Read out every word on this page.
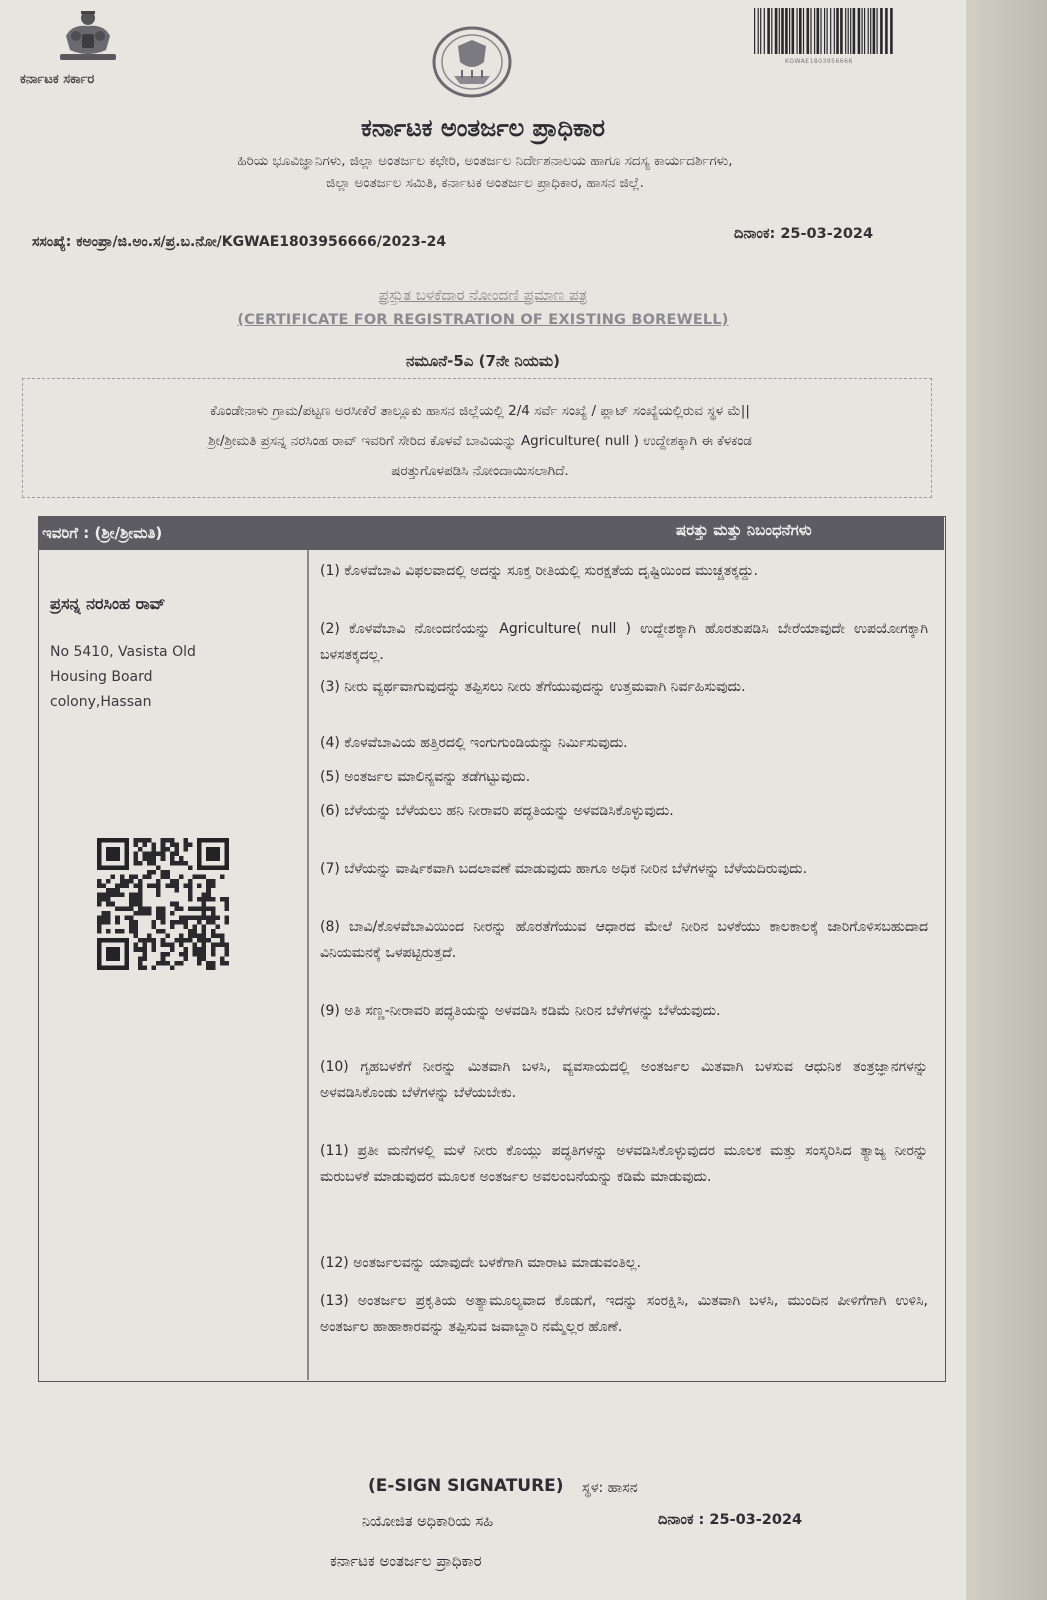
ಕರ್ನಾಟಕ ಸರ್ಕಾರ
KGWAE1803956666
ಕರ್ನಾಟಕ ಅಂತರ್ಜಲ ಪ್ರಾಧಿಕಾರ
ಹಿರಿಯ ಭೂವಿಜ್ಞಾನಿಗಳು, ಜಿಲ್ಲಾ ಅಂತರ್ಜಲ ಕಛೇರಿ, ಅಂತರ್ಜಲ ನಿರ್ದೇಶನಾಲಯ ಹಾಗೂ ಸದಸ್ಯ ಕಾರ್ಯದರ್ಶಿಗಳು,
ಜಿಲ್ಲಾ ಅಂತರ್ಜಲ ಸಮಿತಿ, ಕರ್ನಾಟಕ ಅಂತರ್ಜಲ ಪ್ರಾಧಿಕಾರ, ಹಾಸನ ಜಿಲ್ಲೆ.
ಸಸಂಖ್ಯೆ: ಕಅಂಪ್ರಾ/ಜಿ.ಅಂ.ಸ/ಪ್ರ.ಬ.ನೋ/KGWAE1803956666/2023-24	ದಿನಾಂಕ: 25-03-2024
ಪ್ರಸ್ತುತ ಬಳಕೆದಾರ ನೋಂದಣಿ ಪ್ರಮಾಣ ಪತ್ರ
(CERTIFICATE FOR REGISTRATION OF EXISTING BOREWELL)
ನಮೂನೆ-5ಎ (7ನೇ ನಿಯಮ)
ಕೊಂಡೇನಾಳು ಗ್ರಾಮ/ಪಟ್ಟಣ ಅರಸೀಕೆರೆ ತಾಲ್ಲೂಕು ಹಾಸನ ಜಿಲ್ಲೆಯಲ್ಲಿ 2/4 ಸರ್ವೆ ಸಂಖ್ಯೆ / ಪ್ಲಾಟ್ ಸಂಖ್ಯೆಯಲ್ಲಿರುವ ಸ್ಥಳ ಮೆ||
ಶ್ರೀ/ಶ್ರೀಮತಿ ಪ್ರಸನ್ನ ನರಸಿಂಹ ರಾವ್ ಇವರಿಗೆ ಸೇರಿದ ಕೊಳವೆ ಬಾವಿಯನ್ನು Agriculture( null ) ಉದ್ದೇಶಕ್ಕಾಗಿ ಈ ಕೆಳಕಂಡ
ಷರತ್ತುಗೊಳಪಡಿಸಿ ನೋಂದಾಯಿಸಲಾಗಿದೆ.
ಇವರಿಗೆ : (ಶ್ರೀ/ಶ್ರೀಮತಿ)	ಷರತ್ತು ಮತ್ತು ನಿಬಂಧನೆಗಳು
ಪ್ರಸನ್ನ ನರಸಿಂಹ ರಾವ್
No 5410, Vasista Old
Housing Board
colony,Hassan
(1) ಕೊಳವೆಬಾವಿ ವಿಫಲವಾದಲ್ಲಿ ಅದನ್ನು ಸೂಕ್ತ ರೀತಿಯಲ್ಲಿ ಸುರಕ್ಷತೆಯ ದೃಷ್ಟಿಯಿಂದ ಮುಚ್ಚತಕ್ಕದ್ದು.
(2) ಕೊಳವೆಬಾವಿ ನೋಂದಣಿಯನ್ನು Agriculture( null ) ಉದ್ದೇಶಕ್ಕಾಗಿ ಹೊರತುಪಡಿಸಿ ಬೇರೆಯಾವುದೇ ಉಪಯೋಗಕ್ಕಾಗಿ ಬಳಸತಕ್ಕದಲ್ಲ.
(3) ನೀರು ವ್ಯರ್ಥವಾಗುವುದನ್ನು ತಪ್ಪಿಸಲು ನೀರು ತೆಗೆಯುವುದನ್ನು ಉತ್ತಮವಾಗಿ ನಿರ್ವಹಿಸುವುದು.
(4) ಕೊಳವೆಬಾವಿಯ ಹತ್ತಿರದಲ್ಲಿ ಇಂಗುಗುಂಡಿಯನ್ನು ನಿರ್ಮಿಸುವುದು.
(5) ಅಂತರ್ಜಲ ಮಾಲಿನ್ಯವನ್ನು ತಡೆಗಟ್ಟುವುದು.
(6) ಬೆಳೆಯನ್ನು ಬೆಳೆಯಲು ಹನಿ ನೀರಾವರಿ ಪದ್ಧತಿಯನ್ನು ಅಳವಡಿಸಿಕೊಳ್ಳುವುದು.
(7) ಬೆಳೆಯನ್ನು ವಾರ್ಷಿಕವಾಗಿ ಬದಲಾವಣೆ ಮಾಡುವುದು ಹಾಗೂ ಅಧಿಕ ನೀರಿನ ಬೆಳೆಗಳನ್ನು ಬೆಳೆಯದಿರುವುದು.
(8) ಬಾವಿ/ಕೊಳವೆಬಾವಿಯಿಂದ ನೀರನ್ನು ಹೊರತೆಗೆಯುವ ಆಧಾರದ ಮೇಲೆ ನೀರಿನ ಬಳಕೆಯು ಕಾಲಕಾಲಕ್ಕೆ ಜಾರಿಗೊಳಿಸಬಹುದಾದ ವಿನಿಯಮನಕ್ಕೆ ಒಳಪಟ್ಟಿರುತ್ತದೆ.
(9) ಅತಿ ಸಣ್ಣ-ನೀರಾವರಿ ಪದ್ಧತಿಯನ್ನು ಅಳವಡಿಸಿ ಕಡಿಮೆ ನೀರಿನ ಬೆಳೆಗಳನ್ನು ಬೆಳೆಯವುದು.
(10) ಗೃಹಬಳಕೆಗೆ ನೀರನ್ನು ಮಿತವಾಗಿ ಬಳಸಿ, ವ್ಯವಸಾಯದಲ್ಲಿ ಅಂತರ್ಜಲ ಮಿತವಾಗಿ ಬಳಸುವ ಆಧುನಿಕ ತಂತ್ರಜ್ಞಾನಗಳನ್ನು ಅಳವಡಿಸಿಕೊಂಡು ಬೆಳೆಗಳನ್ನು ಬೆಳೆಯಬೇಕು.
(11) ಪ್ರತೀ ಮನೆಗಳಲ್ಲಿ ಮಳೆ ನೀರು ಕೊಯ್ಲು ಪದ್ಧತಿಗಳನ್ನು ಅಳವಡಿಸಿಕೊಳ್ಳುವುದರ ಮೂಲಕ ಮತ್ತು ಸಂಸ್ಕರಿಸಿದ ತ್ಯಾಜ್ಯ ನೀರನ್ನು ಮರುಬಳಕೆ ಮಾಡುವುದರ ಮೂಲಕ ಅಂತರ್ಜಲ ಅವಲಂಬನೆಯನ್ನು ಕಡಿಮೆ ಮಾಡುವುದು.
(12) ಅಂತರ್ಜಲವನ್ನು ಯಾವುದೇ ಬಳಕೆಗಾಗಿ ಮಾರಾಟ ಮಾಡುವಂತಿಲ್ಲ.
(13) ಅಂತರ್ಜಲ ಪ್ರಕೃತಿಯ ಅತ್ಯಾಮೂಲ್ಯವಾದ ಕೊಡುಗೆ, ಇದನ್ನು ಸಂರಕ್ಷಿಸಿ, ಮಿತವಾಗಿ ಬಳಸಿ, ಮುಂದಿನ ಪೀಳಿಗೆಗಾಗಿ ಉಳಿಸಿ, ಅಂತರ್ಜಲ ಹಾಹಾಕಾರವನ್ನು ತಪ್ಪಿಸುವ ಜವಾಬ್ದಾರಿ ನಮ್ಮೆಲ್ಲರ ಹೊಣೆ.
(E-SIGN SIGNATURE) ಸ್ಥಳ: ಹಾಸನ
ನಿಯೋಜಿತ ಅಧಿಕಾರಿಯ ಸಹಿ	ದಿನಾಂಕ : 25-03-2024
ಕರ್ನಾಟಕ ಅಂತರ್ಜಲ ಪ್ರಾಧಿಕಾರ
